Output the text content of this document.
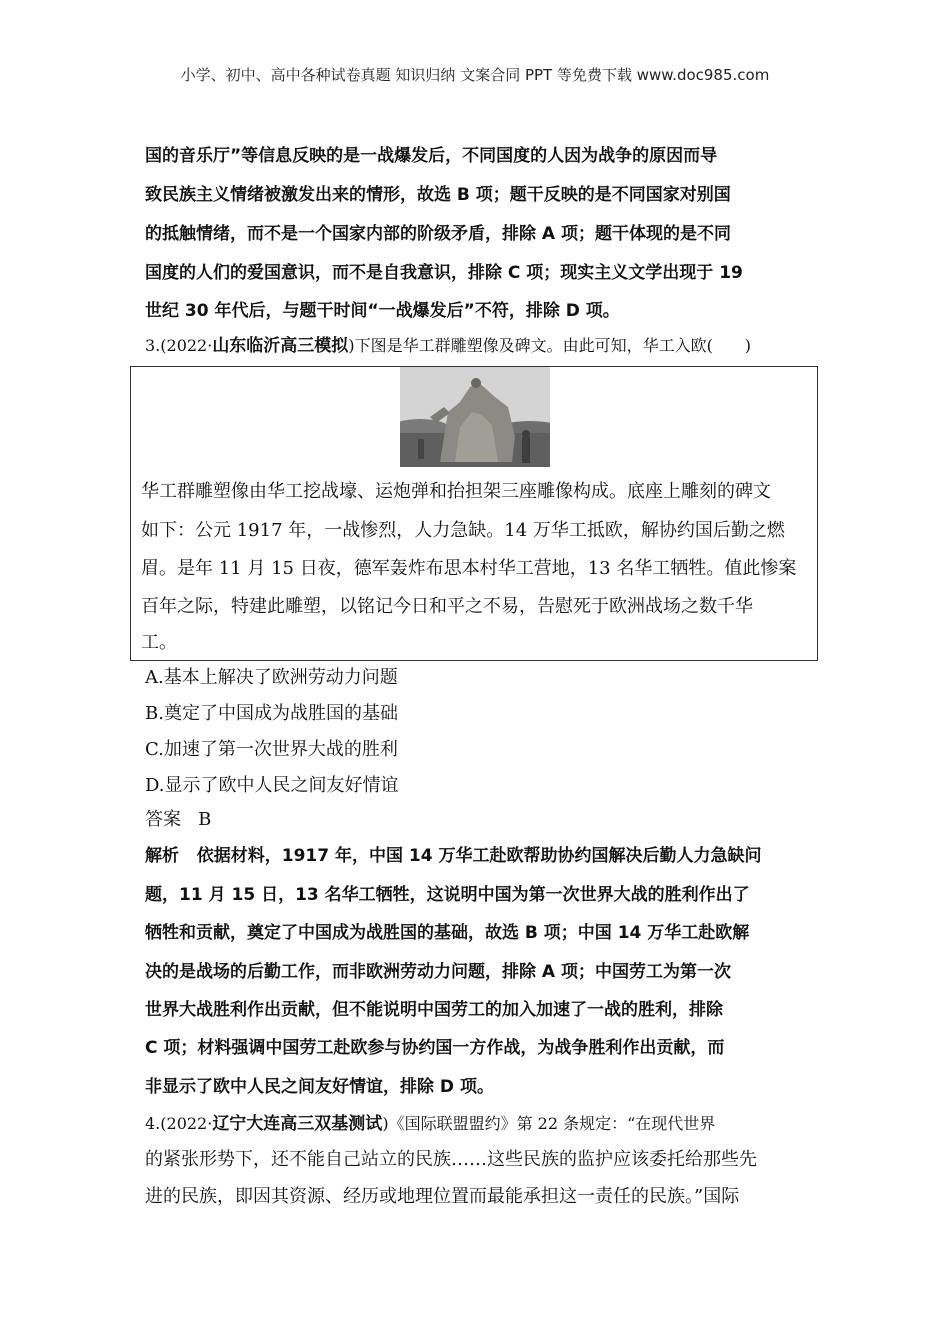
小学、初中、高中各种试卷真题 知识归纳 文案合同 PPT 等免费下载 www.doc985.com
国的音乐厅”等信息反映的是一战爆发后，不同国度的人因为战争的原因而导
致民族主义情绪被激发出来的情形，故选 B 项；题干反映的是不同国家对别国
的抵触情绪，而不是一个国家内部的阶级矛盾，排除 A 项；题干体现的是不同
国度的人们的爱国意识，而不是自我意识，排除 C 项；现实主义文学出现于 19
世纪 30 年代后，与题干时间“一战爆发后”不符，排除 D 项。
3.(2022·山东临沂高三模拟)下图是华工群雕塑像及碑文。由此可知，华工入欧(　　)
华工群雕塑像由华工挖战壕、运炮弹和抬担架三座雕像构成。底座上雕刻的碑文
如下：公元 1917 年，一战惨烈，人力急缺。14 万华工抵欧，解协约国后勤之燃
眉。是年 11 月 15 日夜，德军轰炸布思本村华工营地，13 名华工牺牲。值此惨案
百年之际，特建此雕塑，以铭记今日和平之不易，告慰死于欧洲战场之数千华
工。
A.基本上解决了欧洲劳动力问题
B.奠定了中国成为战胜国的基础
C.加速了第一次世界大战的胜利
D.显示了欧中人民之间友好情谊
答案 B
解析 依据材料，1917 年，中国 14 万华工赴欧帮助协约国解决后勤人力急缺问
题，11 月 15 日，13 名华工牺牲，这说明中国为第一次世界大战的胜利作出了
牺牲和贡献，奠定了中国成为战胜国的基础，故选 B 项；中国 14 万华工赴欧解
决的是战场的后勤工作，而非欧洲劳动力问题，排除 A 项；中国劳工为第一次
世界大战胜利作出贡献，但不能说明中国劳工的加入加速了一战的胜利，排除
C 项；材料强调中国劳工赴欧参与协约国一方作战，为战争胜利作出贡献，而
非显示了欧中人民之间友好情谊，排除 D 项。
4.(2022·辽宁大连高三双基测试)《国际联盟盟约》第 22 条规定：“在现代世界
的紧张形势下，还不能自己站立的民族……这些民族的监护应该委托给那些先
进的民族，即因其资源、经历或地理位置而最能承担这一责任的民族。”国际
